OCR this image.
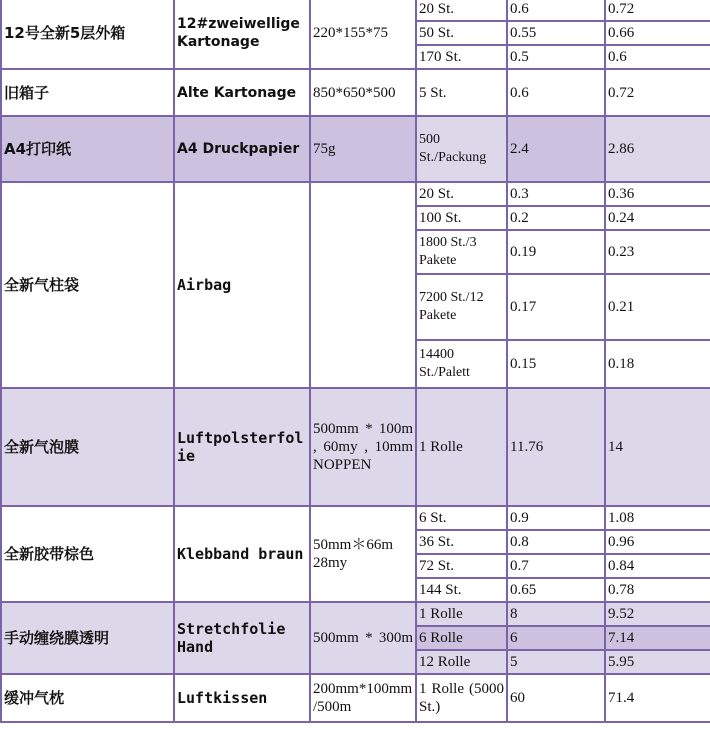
12号全新5层外箱	12#zweiwellige Kartonage	220*155*75	20 St.	0.6	0.72
			50 St.	0.55	0.66
			170 St.	0.5	0.6
旧箱子	Alte Kartonage	850*650*500	5 St.	0.6	0.72
A4打印纸	A4 Druckpapier	75g	500 St./Packung	2.4	2.86
全新气柱袋	Airbag		20 St.	0.3	0.36
			100 St.	0.2	0.24
			1800 St./3 Pakete	0.19	0.23
			7200 St./12 Pakete	0.17	0.21
			14400 St./Palett	0.15	0.18
全新气泡膜	Luftpolsterfolie	500mm * 100m , 60my , 10mm NOPPEN	1 Rolle	11.76	14
全新胶带棕色	Klebband braun	50mm＊66m 28my	6 St.	0.9	1.08
			36 St.	0.8	0.96
			72 St.	0.7	0.84
			144 St.	0.65	0.78
手动缠绕膜透明	Stretchfolie Hand	500mm * 300m	1 Rolle	8	9.52
			6 Rolle	6	7.14
			12 Rolle	5	5.95
缓冲气枕	Luftkissen	200mm*100mm/500m	1 Rolle (5000 St.)	60	71.4
